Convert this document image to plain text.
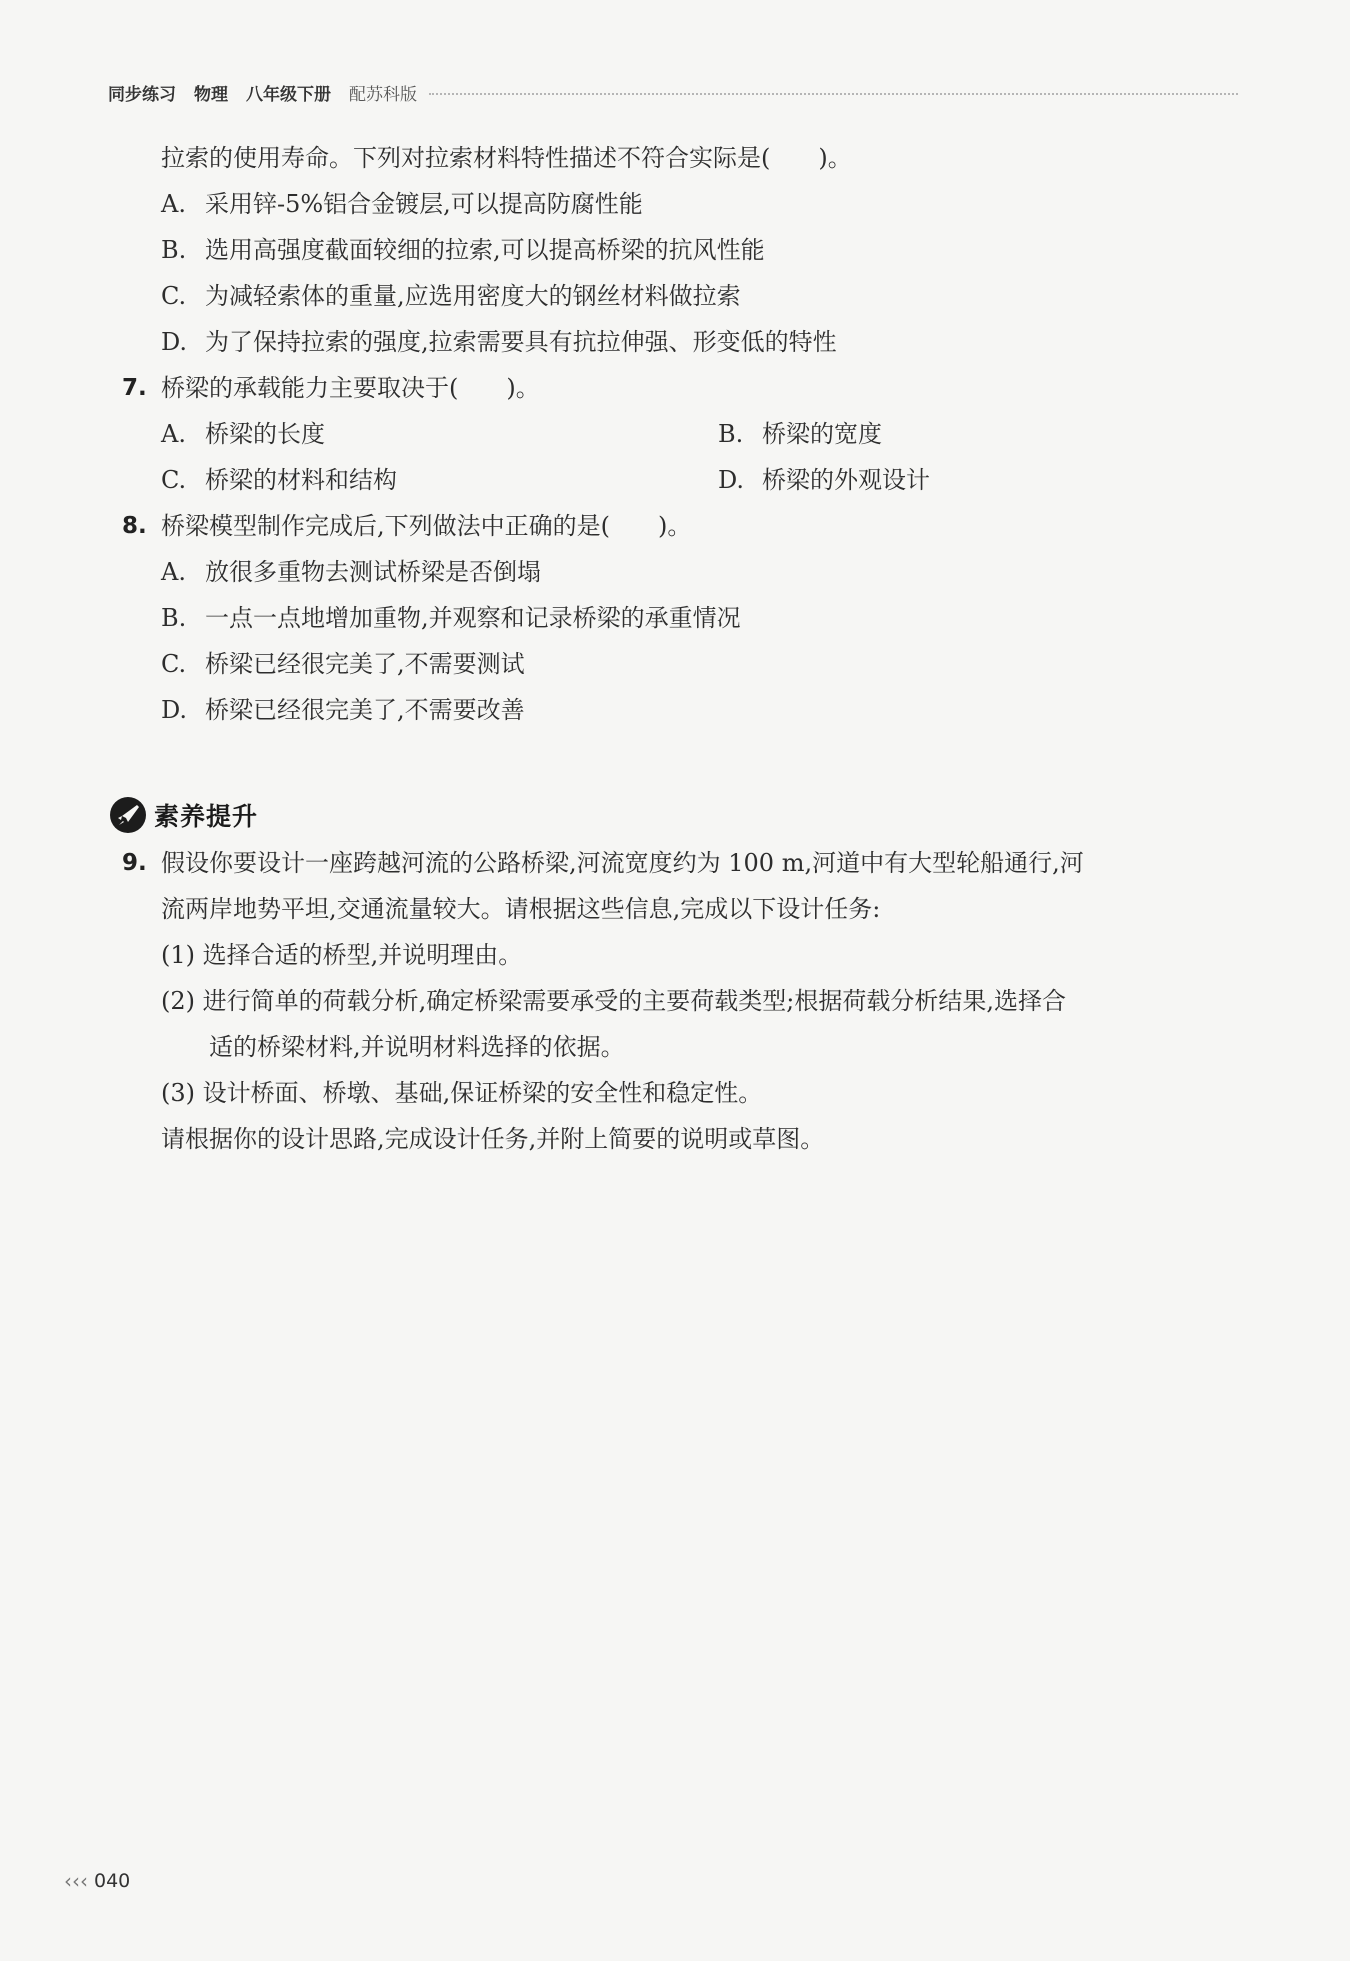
同步练习 物理 八年级下册 配苏科版
拉索的使用寿命。下列对拉索材料特性描述不符合实际是(　　)。
A. 采用锌-5%铝合金镀层,可以提高防腐性能
B. 选用高强度截面较细的拉索,可以提高桥梁的抗风性能
C. 为减轻索体的重量,应选用密度大的钢丝材料做拉索
D. 为了保持拉索的强度,拉索需要具有抗拉伸强、形变低的特性
7. 桥梁的承载能力主要取决于(　　)。
A. 桥梁的长度	B. 桥梁的宽度
C. 桥梁的材料和结构	D. 桥梁的外观设计
8. 桥梁模型制作完成后,下列做法中正确的是(　　)。
A. 放很多重物去测试桥梁是否倒塌
B. 一点一点地增加重物,并观察和记录桥梁的承重情况
C. 桥梁已经很完美了,不需要测试
D. 桥梁已经很完美了,不需要改善
素养提升
9. 假设你要设计一座跨越河流的公路桥梁,河流宽度约为 100 m,河道中有大型轮船通行,河
流两岸地势平坦,交通流量较大。请根据这些信息,完成以下设计任务:
(1) 选择合适的桥型,并说明理由。
(2) 进行简单的荷载分析,确定桥梁需要承受的主要荷载类型;根据荷载分析结果,选择合
适的桥梁材料,并说明材料选择的依据。
(3) 设计桥面、桥墩、基础,保证桥梁的安全性和稳定性。
请根据你的设计思路,完成设计任务,并附上简要的说明或草图。
‹‹‹ 040
